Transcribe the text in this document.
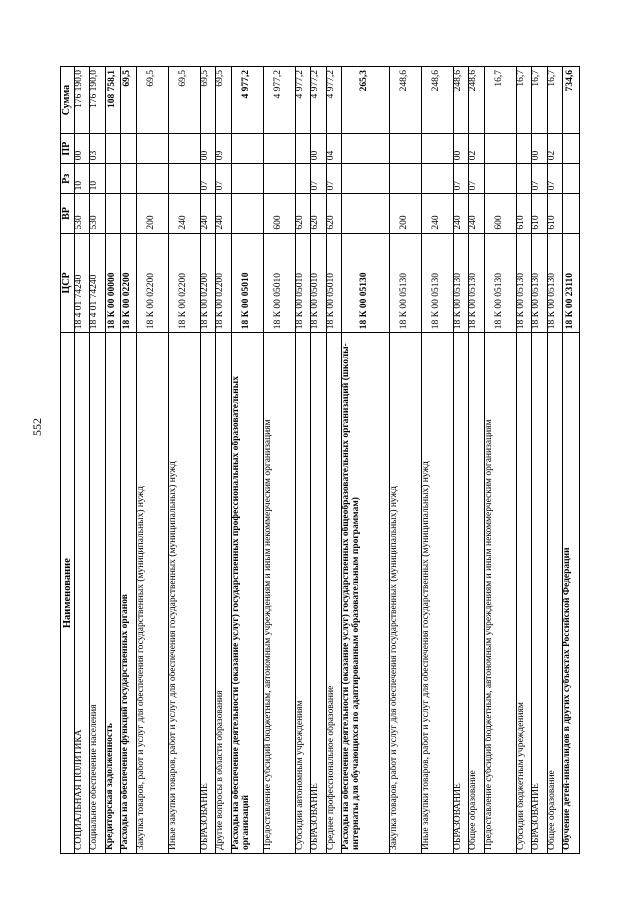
552
Наименование	ЦСР	ВР	Рз	ПР	Сумма
СОЦИАЛЬНАЯ ПОЛИТИКА	18 4 01 74240	530	10	00	176 190,0
Социальное обеспечение населения	18 4 01 74240	530	10	03	176 190,0
Кредиторская задолженность	18 К 00 00000				108 758,1
Расходы на обеспечение функций государственных органов	18 К 00 02200				69,5
Закупка товаров, работ и услуг для обеспечения государственных (муниципальных) нужд	18 К 00 02200	200			69,5
Иные закупки товаров, работ и услуг для обеспечения государственных (муниципальных) нужд	18 К 00 02200	240			69,5
ОБРАЗОВАНИЕ	18 К 00 02200	240	07	00	69,5
Другие вопросы в области образования	18 К 00 02200	240	07	09	69,5
Расходы на обеспечение деятельности (оказание услуг) государственных профессиональных образовательных организаций	18 К 00 05010				4 977,2
Предоставление субсидий бюджетным, автономным учреждениям и иным некоммерческим организациям	18 К 00 05010	600			4 977,2
Субсидии автономным учреждениям	18 К 00 05010	620			4 977,2
ОБРАЗОВАНИЕ	18 К 00 05010	620	07	00	4 977,2
Среднее профессиональное образование	18 К 00 05010	620	07	04	4 977,2
Расходы на обеспечение деятельности (оказание услуг) государственных общеобразовательных организаций (школы-интернаты для обучающихся по адаптированным образовательным программам)	18 К 00 05130				265,3
Закупка товаров, работ и услуг для обеспечения государственных (муниципальных) нужд	18 К 00 05130	200			248,6
Иные закупки товаров, работ и услуг для обеспечения государственных (муниципальных) нужд	18 К 00 05130	240			248,6
ОБРАЗОВАНИЕ	18 К 00 05130	240	07	00	248,6
Общее образование	18 К 00 05130	240	07	02	248,6
Предоставление субсидий бюджетным, автономным учреждениям и иным некоммерческим организациям	18 К 00 05130	600			16,7
Субсидии бюджетным учреждениям	18 К 00 05130	610			16,7
ОБРАЗОВАНИЕ	18 К 00 05130	610	07	00	16,7
Общее образование	18 К 00 05130	610	07	02	16,7
Обучение детей-инвалидов в других субъектах Российской Федерации	18 К 00 23110				734,6
